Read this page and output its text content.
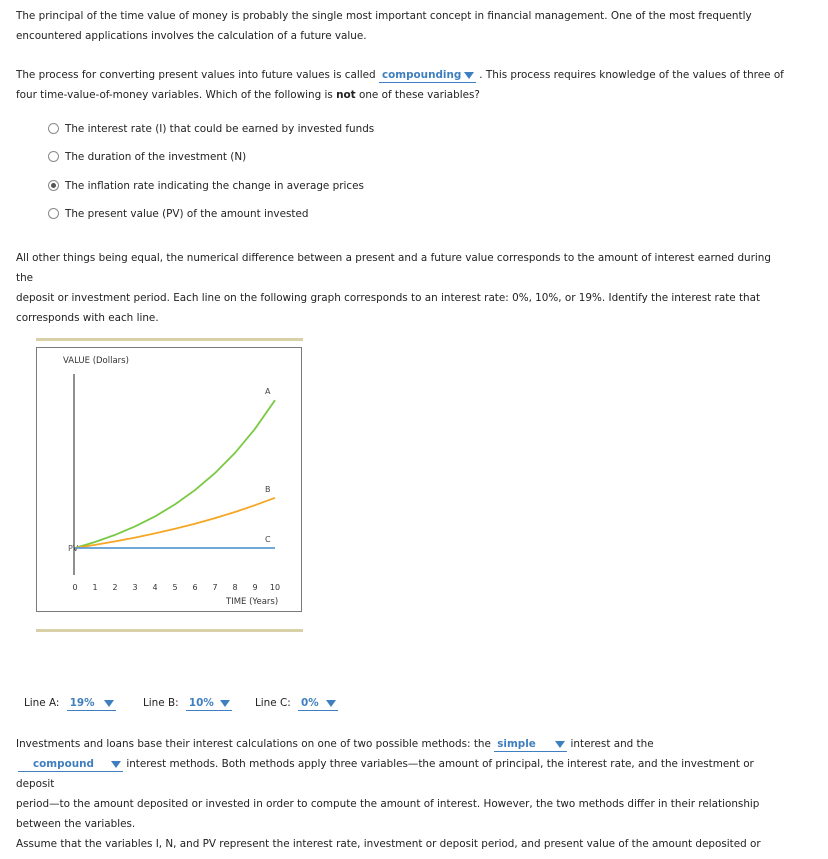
The principal of the time value of money is probably the single most important concept in financial management. One of the most frequently
encountered applications involves the calculation of a future value.

The process for converting present values into future values is called compounding . This process requires knowledge of the values of three of
four time-value-of-money variables. Which of the following is not one of these variables?

The interest rate (I) that could be earned by invested funds
The duration of the investment (N)
The inflation rate indicating the change in average prices
The present value (PV) of the amount invested

All other things being equal, the numerical difference between a present and a future value corresponds to the amount of interest earned during the
deposit or investment period. Each line on the following graph corresponds to an interest rate: 0%, 10%, or 19%. Identify the interest rate that
corresponds with each line.

VALUE (Dollars)
TIME (Years)
PV
0 1 2 3 4 5 6 7 8 9 10
A
B
C
Line A: 19%	Line B: 10%	Line C: 0%

Investments and loans base their interest calculations on one of two possible methods: the simple	interest and the
compound	interest methods. Both methods apply three variables—the amount of principal, the interest rate, and the investment or deposit
period—to the amount deposited or invested in order to compute the amount of interest. However, the two methods differ in their relationship
between the variables.

Assume that the variables I, N, and PV represent the interest rate, investment or deposit period, and present value of the amount deposited or
